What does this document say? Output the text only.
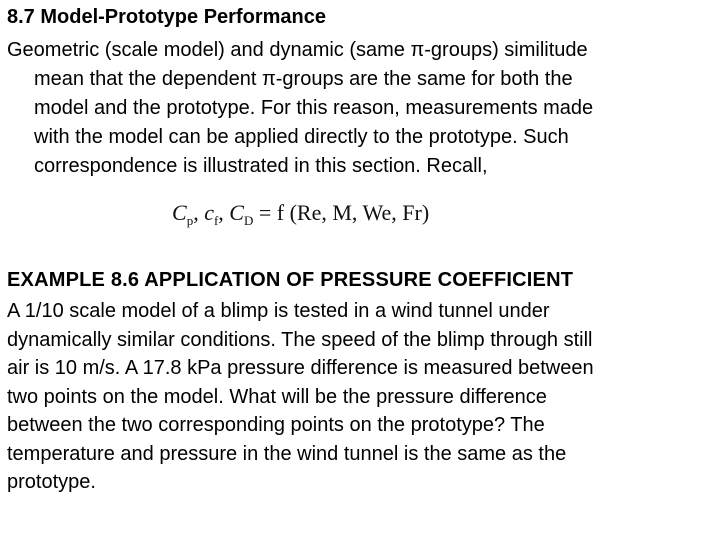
8.7 Model-Prototype Performance
Geometric (scale model) and dynamic (same π-groups) similitude
mean that the dependent π-groups are the same for both the
model and the prototype. For this reason, measurements made
with the model can be applied directly to the prototype. Such
correspondence is illustrated in this section. Recall,
$C_p$, $c_f$, $C_D = f$ (Re, M, We, Fr)
EXAMPLE 8.6 APPLICATION OF PRESSURE COEFFICIENT
A 1/10 scale model of a blimp is tested in a wind tunnel under
dynamically similar conditions. The speed of the blimp through still
air is 10 m/s. A 17.8 kPa pressure difference is measured between
two points on the model. What will be the pressure difference
between the two corresponding points on the prototype? The
temperature and pressure in the wind tunnel is the same as the
prototype.
